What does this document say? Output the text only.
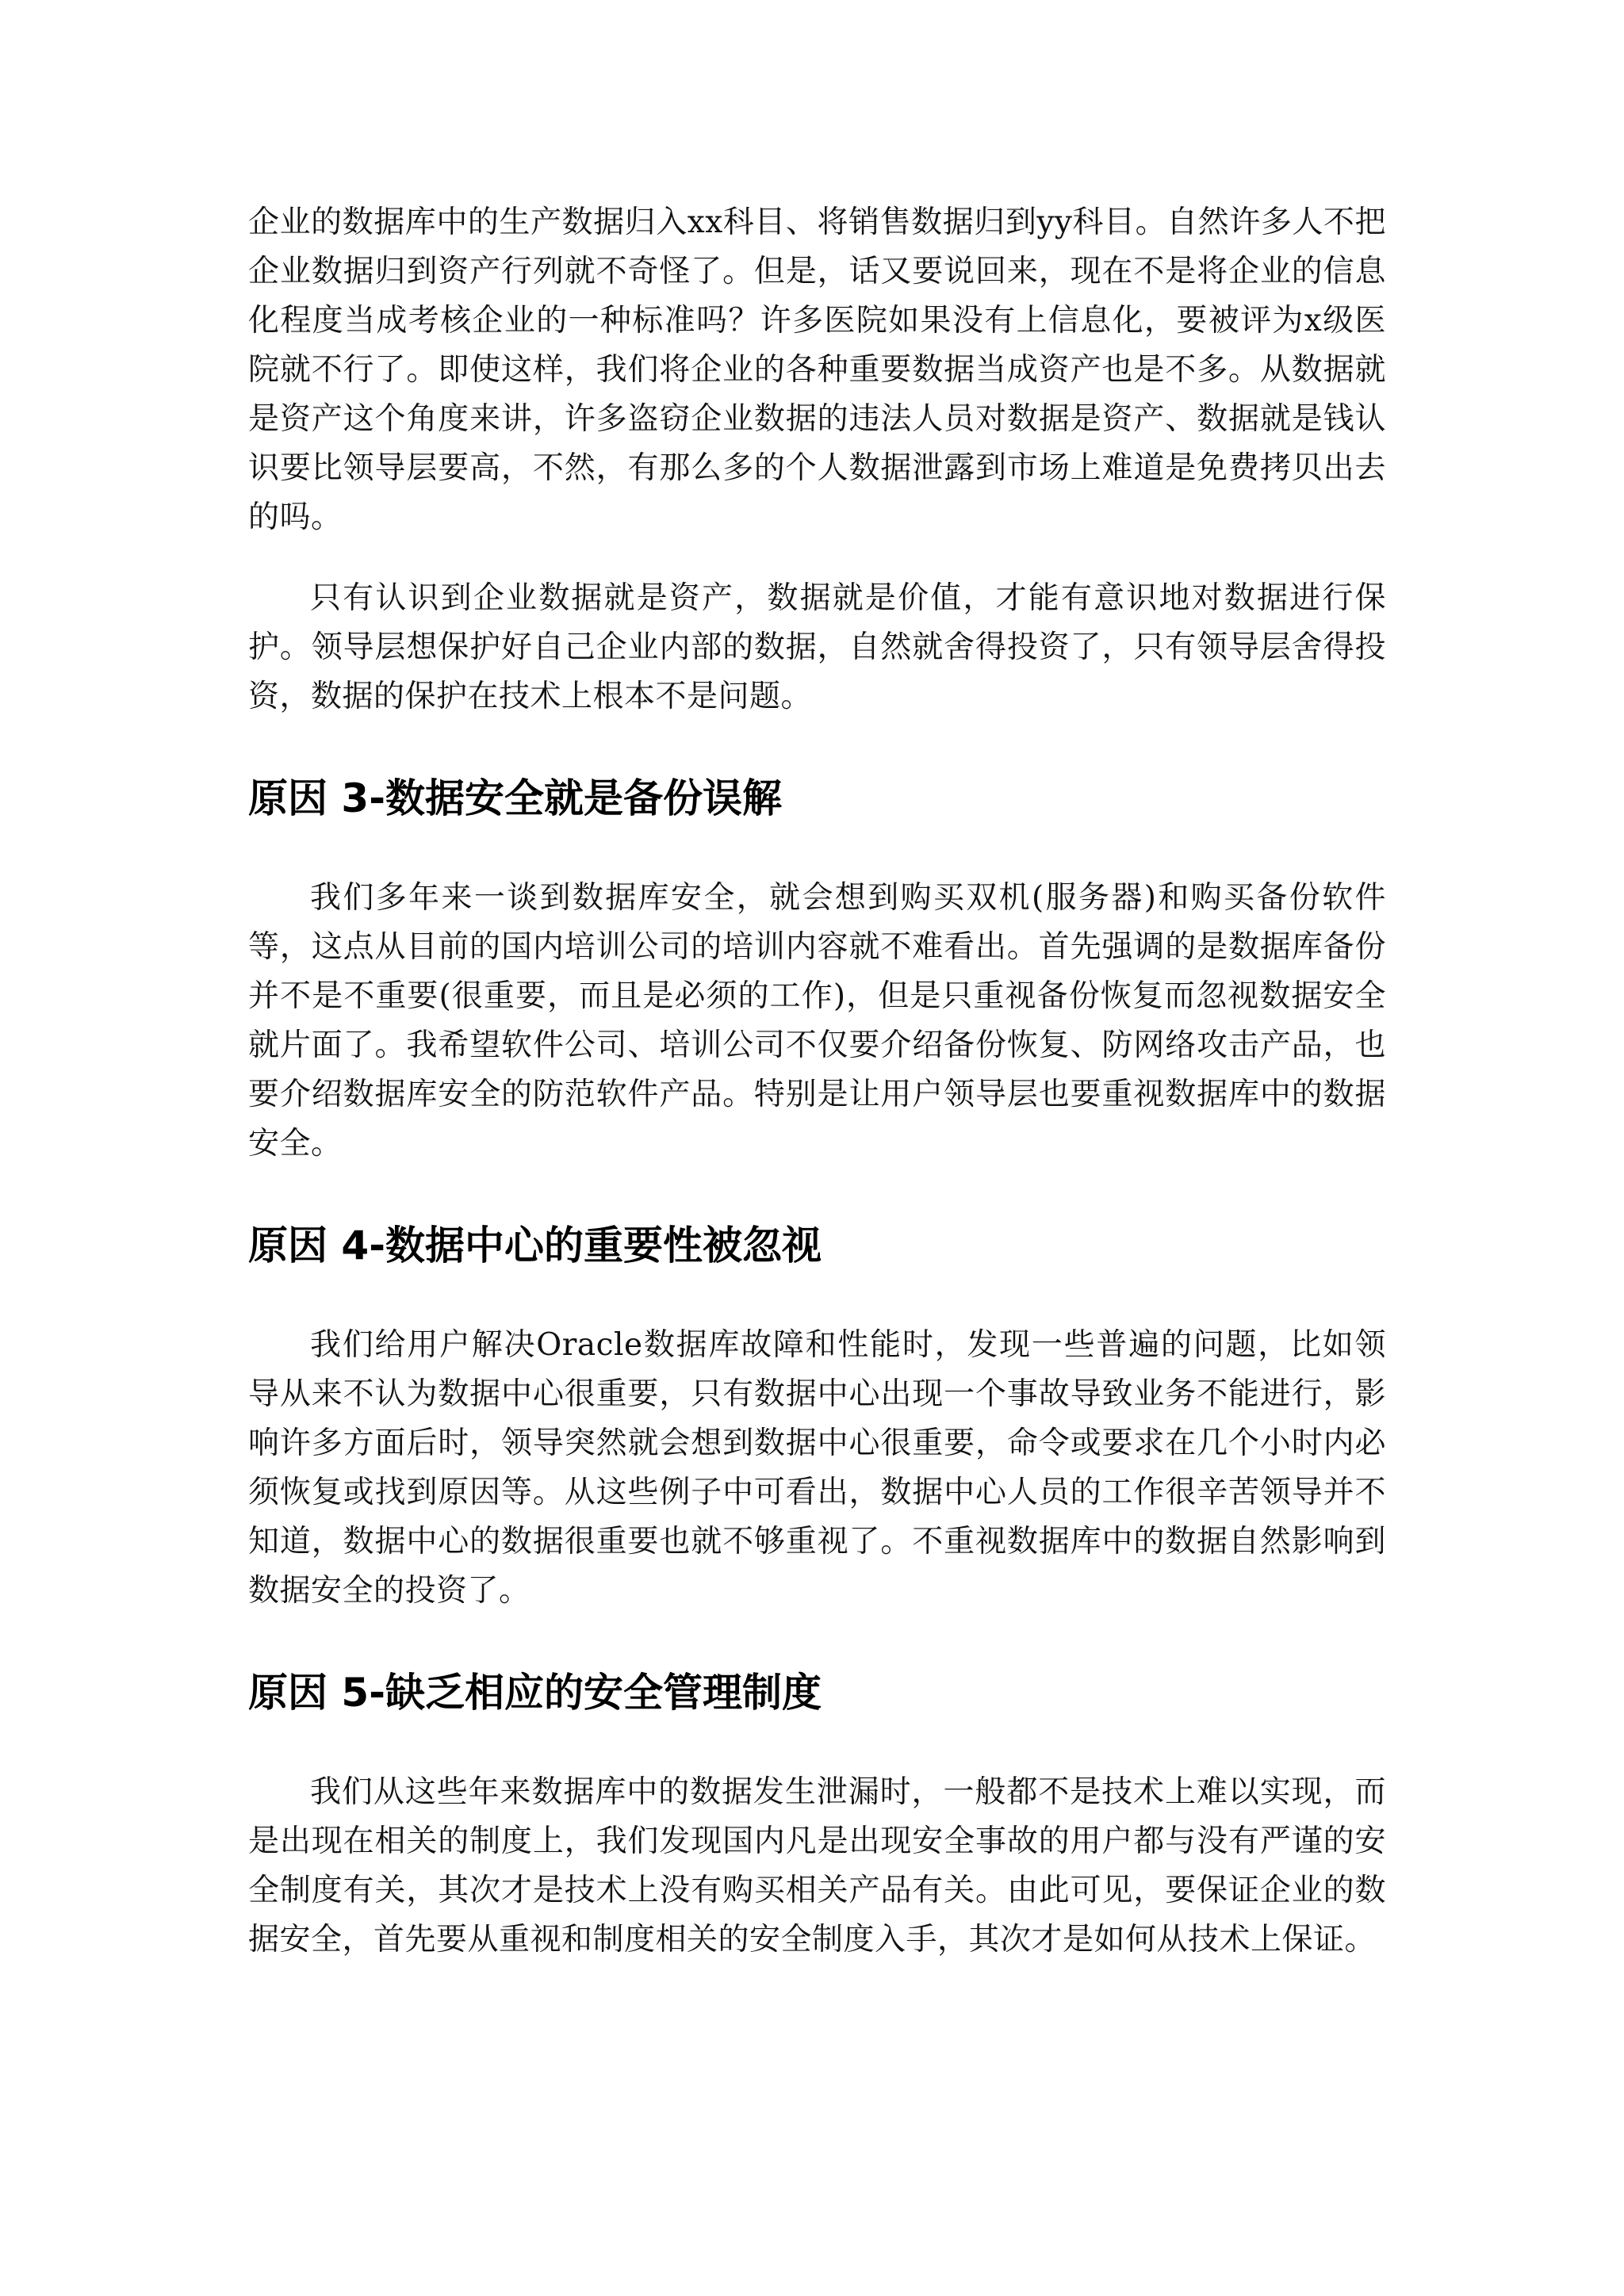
企业的数据库中的生产数据归入xx科目、将销售数据归到yy科目。自然许多人不把企业数据归到资产行列就不奇怪了。但是，话又要说回来，现在不是将企业的信息化程度当成考核企业的一种标准吗？许多医院如果没有上信息化，要被评为x级医院就不行了。即使这样，我们将企业的各种重要数据当成资产也是不多。从数据就是资产这个角度来讲，许多盗窃企业数据的违法人员对数据是资产、数据就是钱认识要比领导层要高，不然，有那么多的个人数据泄露到市场上难道是免费拷贝出去的吗。

只有认识到企业数据就是资产，数据就是价值，才能有意识地对数据进行保护。领导层想保护好自己企业内部的数据，自然就舍得投资了，只有领导层舍得投资，数据的保护在技术上根本不是问题。

原因 3-数据安全就是备份误解

我们多年来一谈到数据库安全，就会想到购买双机(服务器)和购买备份软件等，这点从目前的国内培训公司的培训内容就不难看出。首先强调的是数据库备份并不是不重要(很重要，而且是必须的工作)，但是只重视备份恢复而忽视数据安全就片面了。我希望软件公司、培训公司不仅要介绍备份恢复、防网络攻击产品，也要介绍数据库安全的防范软件产品。特别是让用户领导层也要重视数据库中的数据安全。

原因 4-数据中心的重要性被忽视

我们给用户解决Oracle数据库故障和性能时，发现一些普遍的问题，比如领导从来不认为数据中心很重要，只有数据中心出现一个事故导致业务不能进行，影响许多方面后时，领导突然就会想到数据中心很重要，命令或要求在几个小时内必须恢复或找到原因等。从这些例子中可看出，数据中心人员的工作很辛苦领导并不知道，数据中心的数据很重要也就不够重视了。不重视数据库中的数据自然影响到数据安全的投资了。

原因 5-缺乏相应的安全管理制度

我们从这些年来数据库中的数据发生泄漏时，一般都不是技术上难以实现，而是出现在相关的制度上，我们发现国内凡是出现安全事故的用户都与没有严谨的安全制度有关，其次才是技术上没有购买相关产品有关。由此可见，要保证企业的数据安全，首先要从重视和制度相关的安全制度入手，其次才是如何从技术上保证。
